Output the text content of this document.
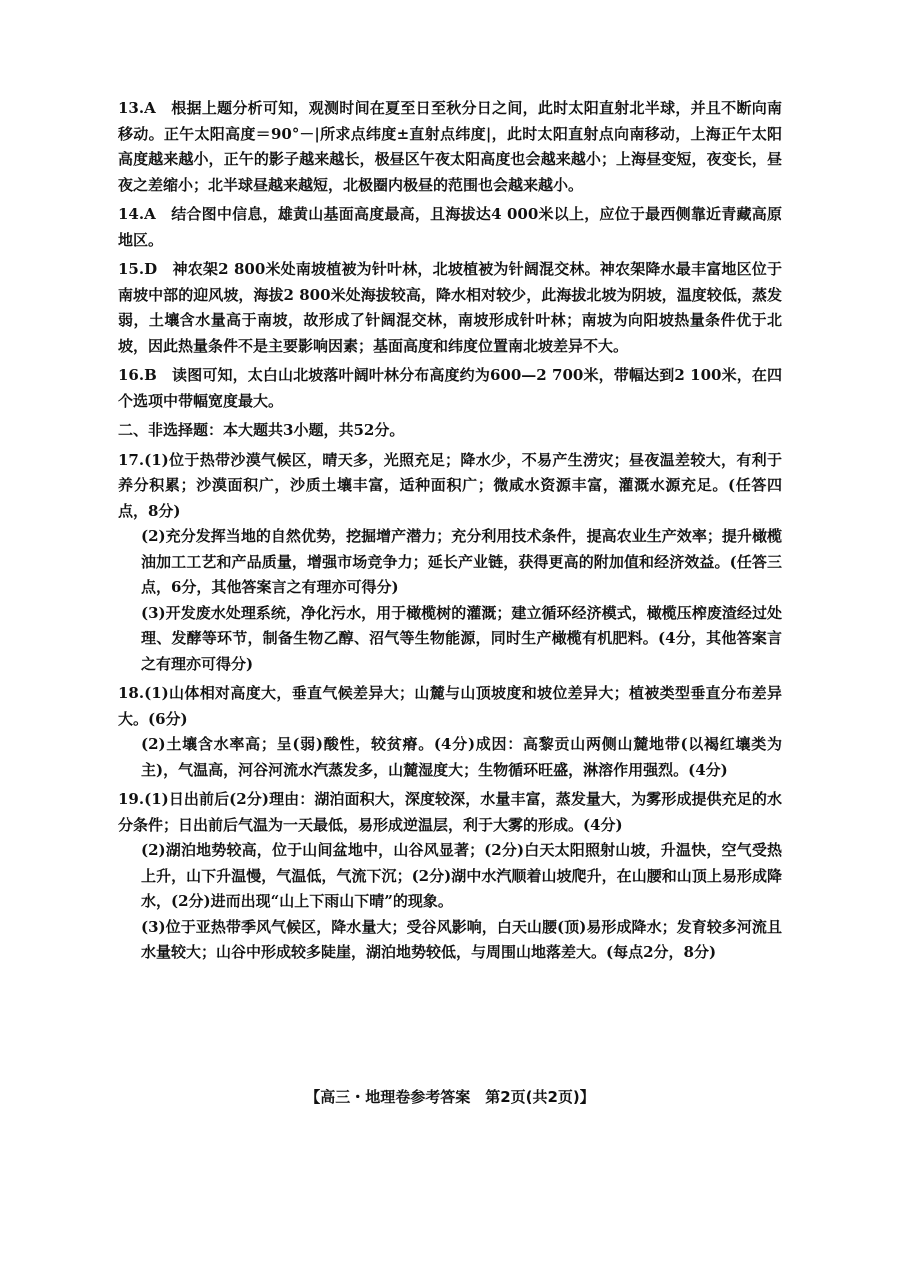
13.A　根据上题分析可知，观测时间在夏至日至秋分日之间，此时太阳直射北半球，并且不断向南移动。正午太阳高度＝90°－|所求点纬度±直射点纬度|，此时太阳直射点向南移动，上海正午太阳高度越来越小，正午的影子越来越长，极昼区午夜太阳高度也会越来越小；上海昼变短，夜变长，昼夜之差缩小；北半球昼越来越短，北极圈内极昼的范围也会越来越小。

14.A　结合图中信息，雄黄山基面高度最高，且海拔达4 000米以上，应位于最西侧靠近青藏高原地区。

15.D　神农架2 800米处南坡植被为针叶林，北坡植被为针阔混交林。神农架降水最丰富地区位于南坡中部的迎风坡，海拔2 800米处海拔较高，降水相对较少，此海拔北坡为阴坡，温度较低，蒸发弱，土壤含水量高于南坡，故形成了针阔混交林，南坡形成针叶林；南坡为向阳坡热量条件优于北坡，因此热量条件不是主要影响因素；基面高度和纬度位置南北坡差异不大。

16.B　读图可知，太白山北坡落叶阔叶林分布高度约为600—2 700米，带幅达到2 100米，在四个选项中带幅宽度最大。

二、非选择题：本大题共3小题，共52分。

17.(1)位于热带沙漠气候区，晴天多，光照充足；降水少，不易产生涝灾；昼夜温差较大，有利于养分积累；沙漠面积广，沙质土壤丰富，适种面积广；微咸水资源丰富，灌溉水源充足。(任答四点，8分)

(2)充分发挥当地的自然优势，挖掘增产潜力；充分利用技术条件，提高农业生产效率；提升橄榄油加工工艺和产品质量，增强市场竞争力；延长产业链，获得更高的附加值和经济效益。(任答三点，6分，其他答案言之有理亦可得分)

(3)开发废水处理系统，净化污水，用于橄榄树的灌溉；建立循环经济模式，橄榄压榨废渣经过处理、发酵等环节，制备生物乙醇、沼气等生物能源，同时生产橄榄有机肥料。(4分，其他答案言之有理亦可得分)

18.(1)山体相对高度大，垂直气候差异大；山麓与山顶坡度和坡位差异大；植被类型垂直分布差异大。(6分)

(2)土壤含水率高；呈(弱)酸性，较贫瘠。(4分)成因：高黎贡山两侧山麓地带(以褐红壤类为主)，气温高，河谷河流水汽蒸发多，山麓湿度大；生物循环旺盛，淋溶作用强烈。(4分)

19.(1)日出前后(2分)理由：湖泊面积大，深度较深，水量丰富，蒸发量大，为雾形成提供充足的水分条件；日出前后气温为一天最低，易形成逆温层，利于大雾的形成。(4分)

(2)湖泊地势较高，位于山间盆地中，山谷风显著；(2分)白天太阳照射山坡，升温快，空气受热上升，山下升温慢，气温低，气流下沉；(2分)湖中水汽顺着山坡爬升，在山腰和山顶上易形成降水，(2分)进而出现“山上下雨山下晴”的现象。

(3)位于亚热带季风气候区，降水量大；受谷风影响，白天山腰(顶)易形成降水；发育较多河流且水量较大；山谷中形成较多陡崖，湖泊地势较低，与周围山地落差大。(每点2分，8分)

【高三・地理卷参考答案　第2页(共2页)】
